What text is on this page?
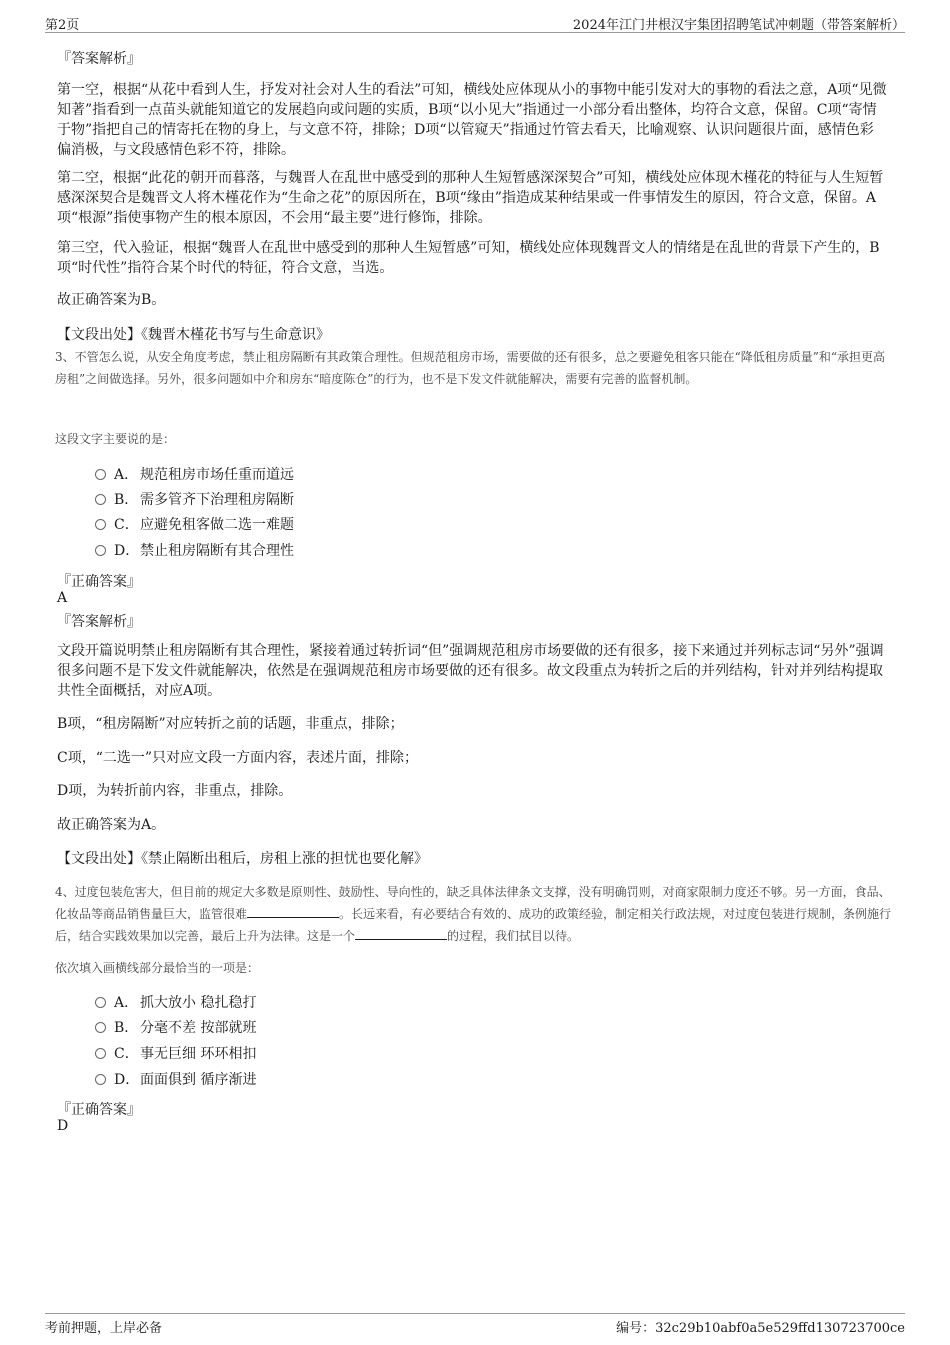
第2页	2024年江门井根汉宇集团招聘笔试冲刺题（带答案解析）
『答案解析』

第一空，根据“从花中看到人生，抒发对社会对人生的看法”可知，横线处应体现从小的事物中能引发对大的事物的看法之意，A项“见微知著”指看到一点苗头就能知道它的发展趋向或问题的实质，B项“以小见大”指通过一小部分看出整体，均符合文意，保留。C项“寄情于物”指把自己的情寄托在物的身上，与文意不符，排除；D项“以管窥天”指通过竹管去看天，比喻观察、认识问题很片面，感情色彩偏消极，与文段感情色彩不符，排除。

第二空，根据“此花的朝开而暮落，与魏晋人在乱世中感受到的那种人生短暂感深深契合”可知，横线处应体现木槿花的特征与人生短暂感深深契合是魏晋文人将木槿花作为“生命之花”的原因所在，B项“缘由”指造成某种结果或一件事情发生的原因，符合文意，保留。A项“根源”指使事物产生的根本原因，不会用“最主要”进行修饰，排除。

第三空，代入验证，根据“魏晋人在乱世中感受到的那种人生短暂感”可知，横线处应体现魏晋文人的情绪是在乱世的背景下产生的，B项“时代性”指符合某个时代的特征，符合文意，当选。

故正确答案为B。

【文段出处】《魏晋木槿花书写与生命意识》

3、不管怎么说，从安全角度考虑，禁止租房隔断有其政策合理性。但规范租房市场，需要做的还有很多，总之要避免租客只能在“降低租房质量”和“承担更高房租”之间做选择。另外，很多问题如中介和房东“暗度陈仓”的行为，也不是下发文件就能解决，需要有完善的监督机制。

这段文字主要说的是：
A． 规范租房市场任重而道远
B． 需多管齐下治理租房隔断
C．应避免租客做二选一难题
D．禁止租房隔断有其合理性
『正确答案』
A
『答案解析』

文段开篇说明禁止租房隔断有其合理性，紧接着通过转折词“但”强调规范租房市场要做的还有很多，接下来通过并列标志词“另外”强调很多问题不是下发文件就能解决，依然是在强调规范租房市场要做的还有很多。故文段重点为转折之后的并列结构，针对并列结构提取共性全面概括，对应A项。

B项，“租房隔断”对应转折之前的话题，非重点，排除；

C项，“二选一”只对应文段一方面内容，表述片面，排除；

D项，为转折前内容，非重点，排除。

故正确答案为A。

【文段出处】《禁止隔断出租后，房租上涨的担忧也要化解》

4、过度包装危害大，但目前的规定大多数是原则性、鼓励性、导向性的，缺乏具体法律条文支撑，没有明确罚则，对商家限制力度还不够。另一方面，食品、化妆品等商品销售量巨大，监管很难	。长远来看，有必要结合有效的、成功的政策经验，制定相关行政法规，对过度包装进行规制，条例施行后，结合实践效果加以完善，最后上升为法律。这是一个	的过程，我们拭目以待。

依次填入画横线部分最恰当的一项是：
A． 抓大放小 稳扎稳打
B． 分毫不差 按部就班
C．事无巨细 环环相扣
D．面面俱到 循序渐进
『正确答案』
D
考前押题，上岸必备	编号：32c29b10abf0a5e529ffd130723700ce
